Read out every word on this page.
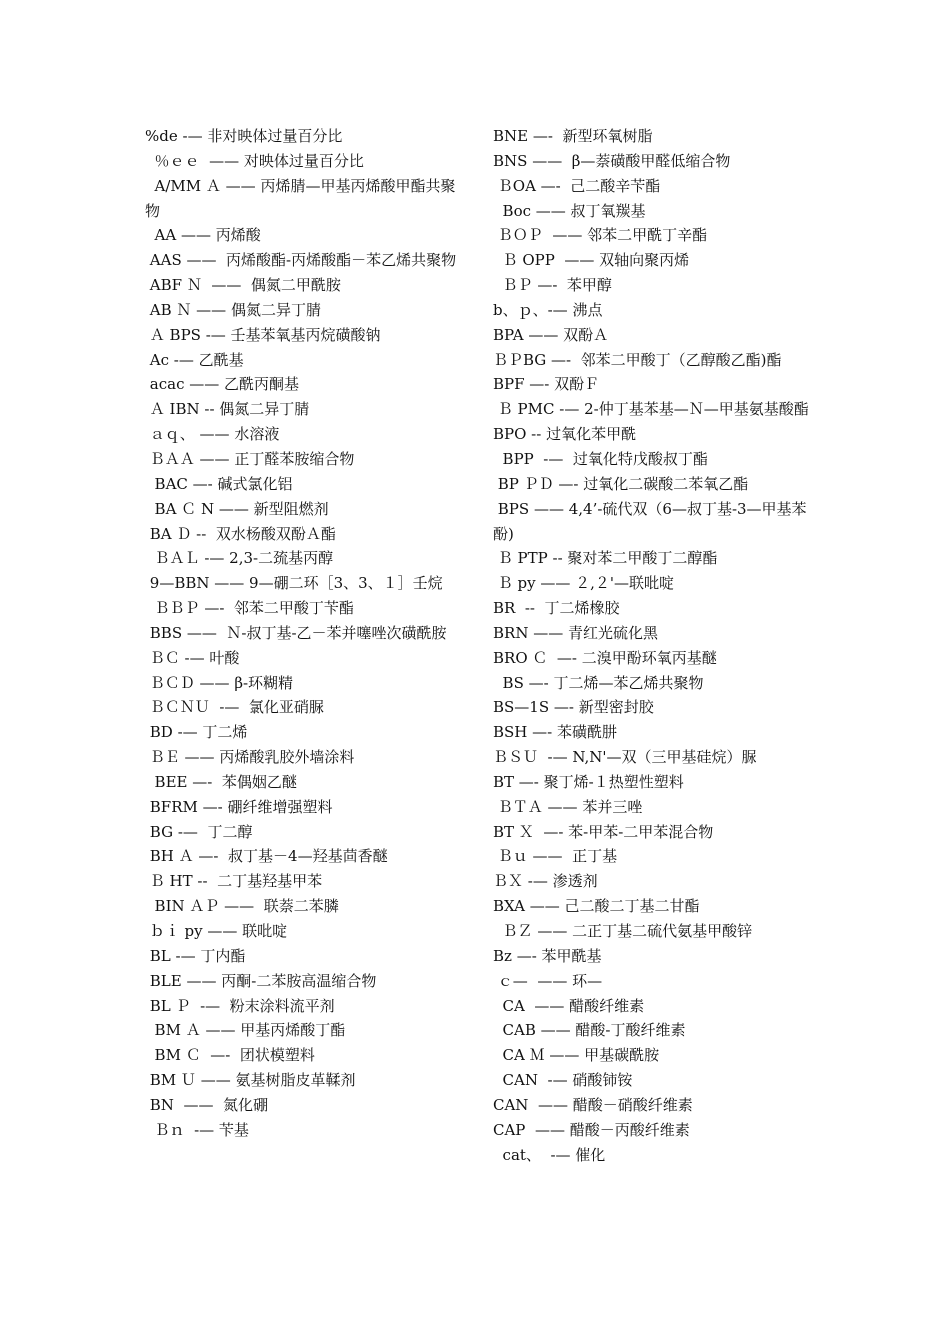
%de -— 非对映体过量百分比

％ｅｅ  —— 对映体过量百分比

A/MM Ａ —— 丙烯腈—甲基丙烯酸甲酯共聚物

AA —— 丙烯酸

AAS ——  丙烯酸酯-丙烯酸酯－苯乙烯共聚物

ABF Ｎ  ——  偶氮二甲酰胺

AB Ｎ —— 偶氮二异丁腈

Ａ BPS -— 壬基苯氧基丙烷磺酸钠

Ac -— 乙酰基

acac —— 乙酰丙酮基

Ａ IBN -- 偶氮二异丁腈

ａｑ、 —— 水溶液

ＢＡＡ —— 正丁醛苯胺缩合物

BAC —- 碱式氯化铝

BA Ｃ N —— 新型阻燃剂

BA Ｄ --  双水杨酸双酚Ａ酯

ＢＡＬ -— 2,3-二巯基丙醇

9—BBN —— 9—硼二环［3、3、１］壬烷

ＢＢＰ —-  邻苯二甲酸丁苄酯

BBS ——  Ｎ-叔丁基-乙－苯并噻唑次磺酰胺

ＢＣ -— 叶酸

ＢＣＤ —— β-环糊精

ＢＣＮＵ  -—  氯化亚硝脲

BD -— 丁二烯

ＢＥ —— 丙烯酸乳胶外墙涂料

BEE —-  苯偶姻乙醚

BFRM —- 硼纤维增强塑料

BG -—  丁二醇

BH Ａ —-  叔丁基－4—羟基茴香醚

Ｂ HT --  二丁基羟基甲苯

BIN ＡＰ ——  联萘二苯膦

ｂｉ py —— 联吡啶

BL -— 丁内酯

BLE —— 丙酮-二苯胺高温缩合物

BL Ｐ  -—  粉末涂料流平剂

BM Ａ —— 甲基丙烯酸丁酯

BM Ｃ  —-  团状模塑料

BM Ｕ —— 氨基树脂皮革鞣剂

BN  ——  氮化硼

Ｂｎ  -— 苄基

BNE —-  新型环氧树脂

BNS ——  β—萘磺酸甲醛低缩合物

ＢOA —-  己二酸辛苄酯

Boc —— 叔丁氧羰基

ＢＯＰ  —— 邻苯二甲酰丁辛酯

Ｂ OPP  —— 双轴向聚丙烯

ＢＰ —-  苯甲醇

b、ｐ、-— 沸点

BPA —— 双酚Ａ

ＢＰBG —-  邻苯二甲酸丁（乙醇酸乙酯)酯

BPF —- 双酚Ｆ

Ｂ PMC -— 2-仲丁基苯基—Ｎ—甲基氨基酸酯

BPO -- 过氧化苯甲酰

BPP  -—  过氧化特戊酸叔丁酯

BP ＰＤ —- 过氧化二碳酸二苯氧乙酯

BPS —— 4,4’-硫代双（6—叔丁基-3—甲基苯酚)

Ｂ PTP -- 聚对苯二甲酸丁二醇酯

Ｂ py —— ２,２'—联吡啶

BR  --  丁二烯橡胶

BRN —— 青红光硫化黑

BRO Ｃ  —- 二溴甲酚环氧丙基醚

BS —- 丁二烯—苯乙烯共聚物

BS—1S —- 新型密封胶

BSH —- 苯磺酰肼

ＢＳＵ  -— N,N'—双（三甲基硅烷）脲

BT —- 聚丁烯-１热塑性塑料

ＢＴＡ —— 苯并三唑

BT Ｘ  —- 苯-甲苯-二甲苯混合物

Ｂｕ ——  正丁基

ＢＸ -— 渗透剂

BXA —— 己二酸二丁基二甘酯

ＢＺ —— 二正丁基二硫代氨基甲酸锌

Bz —- 苯甲酰基

ｃ—  —— 环—

CA  —— 醋酸纤维素

CAB —— 醋酸-丁酸纤维素

CA Ｍ —— 甲基碳酰胺

CAN  -— 硝酸铈铵

CAN  —— 醋酸－硝酸纤维素

CAP  —— 醋酸－丙酸纤维素

cat、  -— 催化
